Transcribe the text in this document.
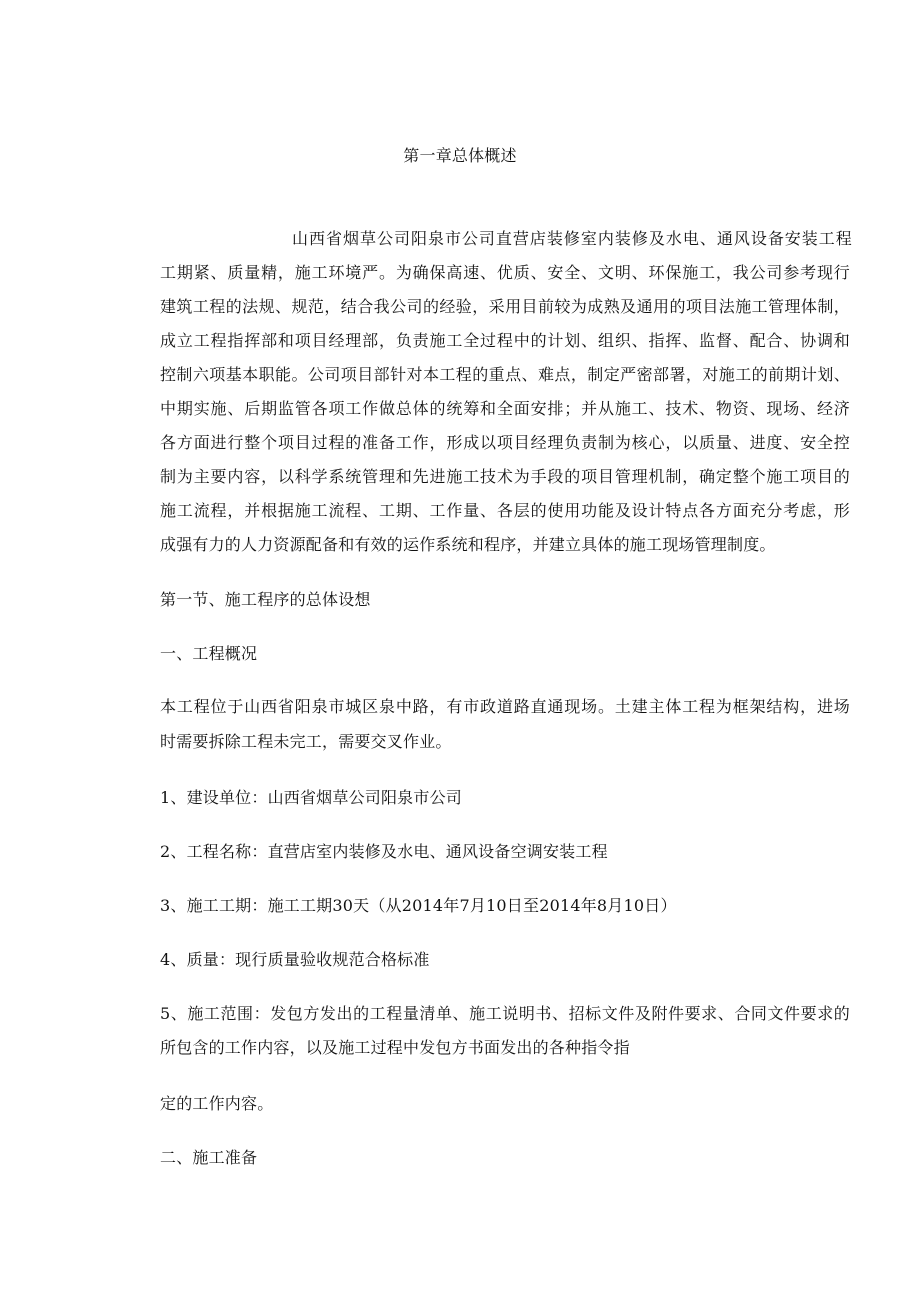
第一章总体概述
山西省烟草公司阳泉市公司直营店装修室内装修及水电、通风设备安装工程
工期紧、质量精，施工环境严。为确保高速、优质、安全、文明、环保施工，我公司参考现行
建筑工程的法规、规范，结合我公司的经验，采用目前较为成熟及通用的项目法施工管理体制，
成立工程指挥部和项目经理部，负责施工全过程中的计划、组织、指挥、监督、配合、协调和
控制六项基本职能。公司项目部针对本工程的重点、难点，制定严密部署，对施工的前期计划、
中期实施、后期监管各项工作做总体的统筹和全面安排；并从施工、技术、物资、现场、经济
各方面进行整个项目过程的准备工作，形成以项目经理负责制为核心，以质量、进度、安全控
制为主要内容，以科学系统管理和先进施工技术为手段的项目管理机制，确定整个施工项目的
施工流程，并根据施工流程、工期、工作量、各层的使用功能及设计特点各方面充分考虑，形
成强有力的人力资源配备和有效的运作系统和程序，并建立具体的施工现场管理制度。
第一节、施工程序的总体设想
一、工程概况
本工程位于山西省阳泉市城区泉中路，有市政道路直通现场。土建主体工程为框架结构，进场
时需要拆除工程未完工，需要交叉作业。
1、建设单位：山西省烟草公司阳泉市公司
2、工程名称：直营店室内装修及水电、通风设备空调安装工程
3、施工工期：施工工期30天（从2014年7月10日至2014年8月10日）
4、质量：现行质量验收规范合格标准
5、施工范围：发包方发出的工程量清单、施工说明书、招标文件及附件要求、合同文件要求的
所包含的工作内容，以及施工过程中发包方书面发出的各种指令指
定的工作内容。
二、施工准备
